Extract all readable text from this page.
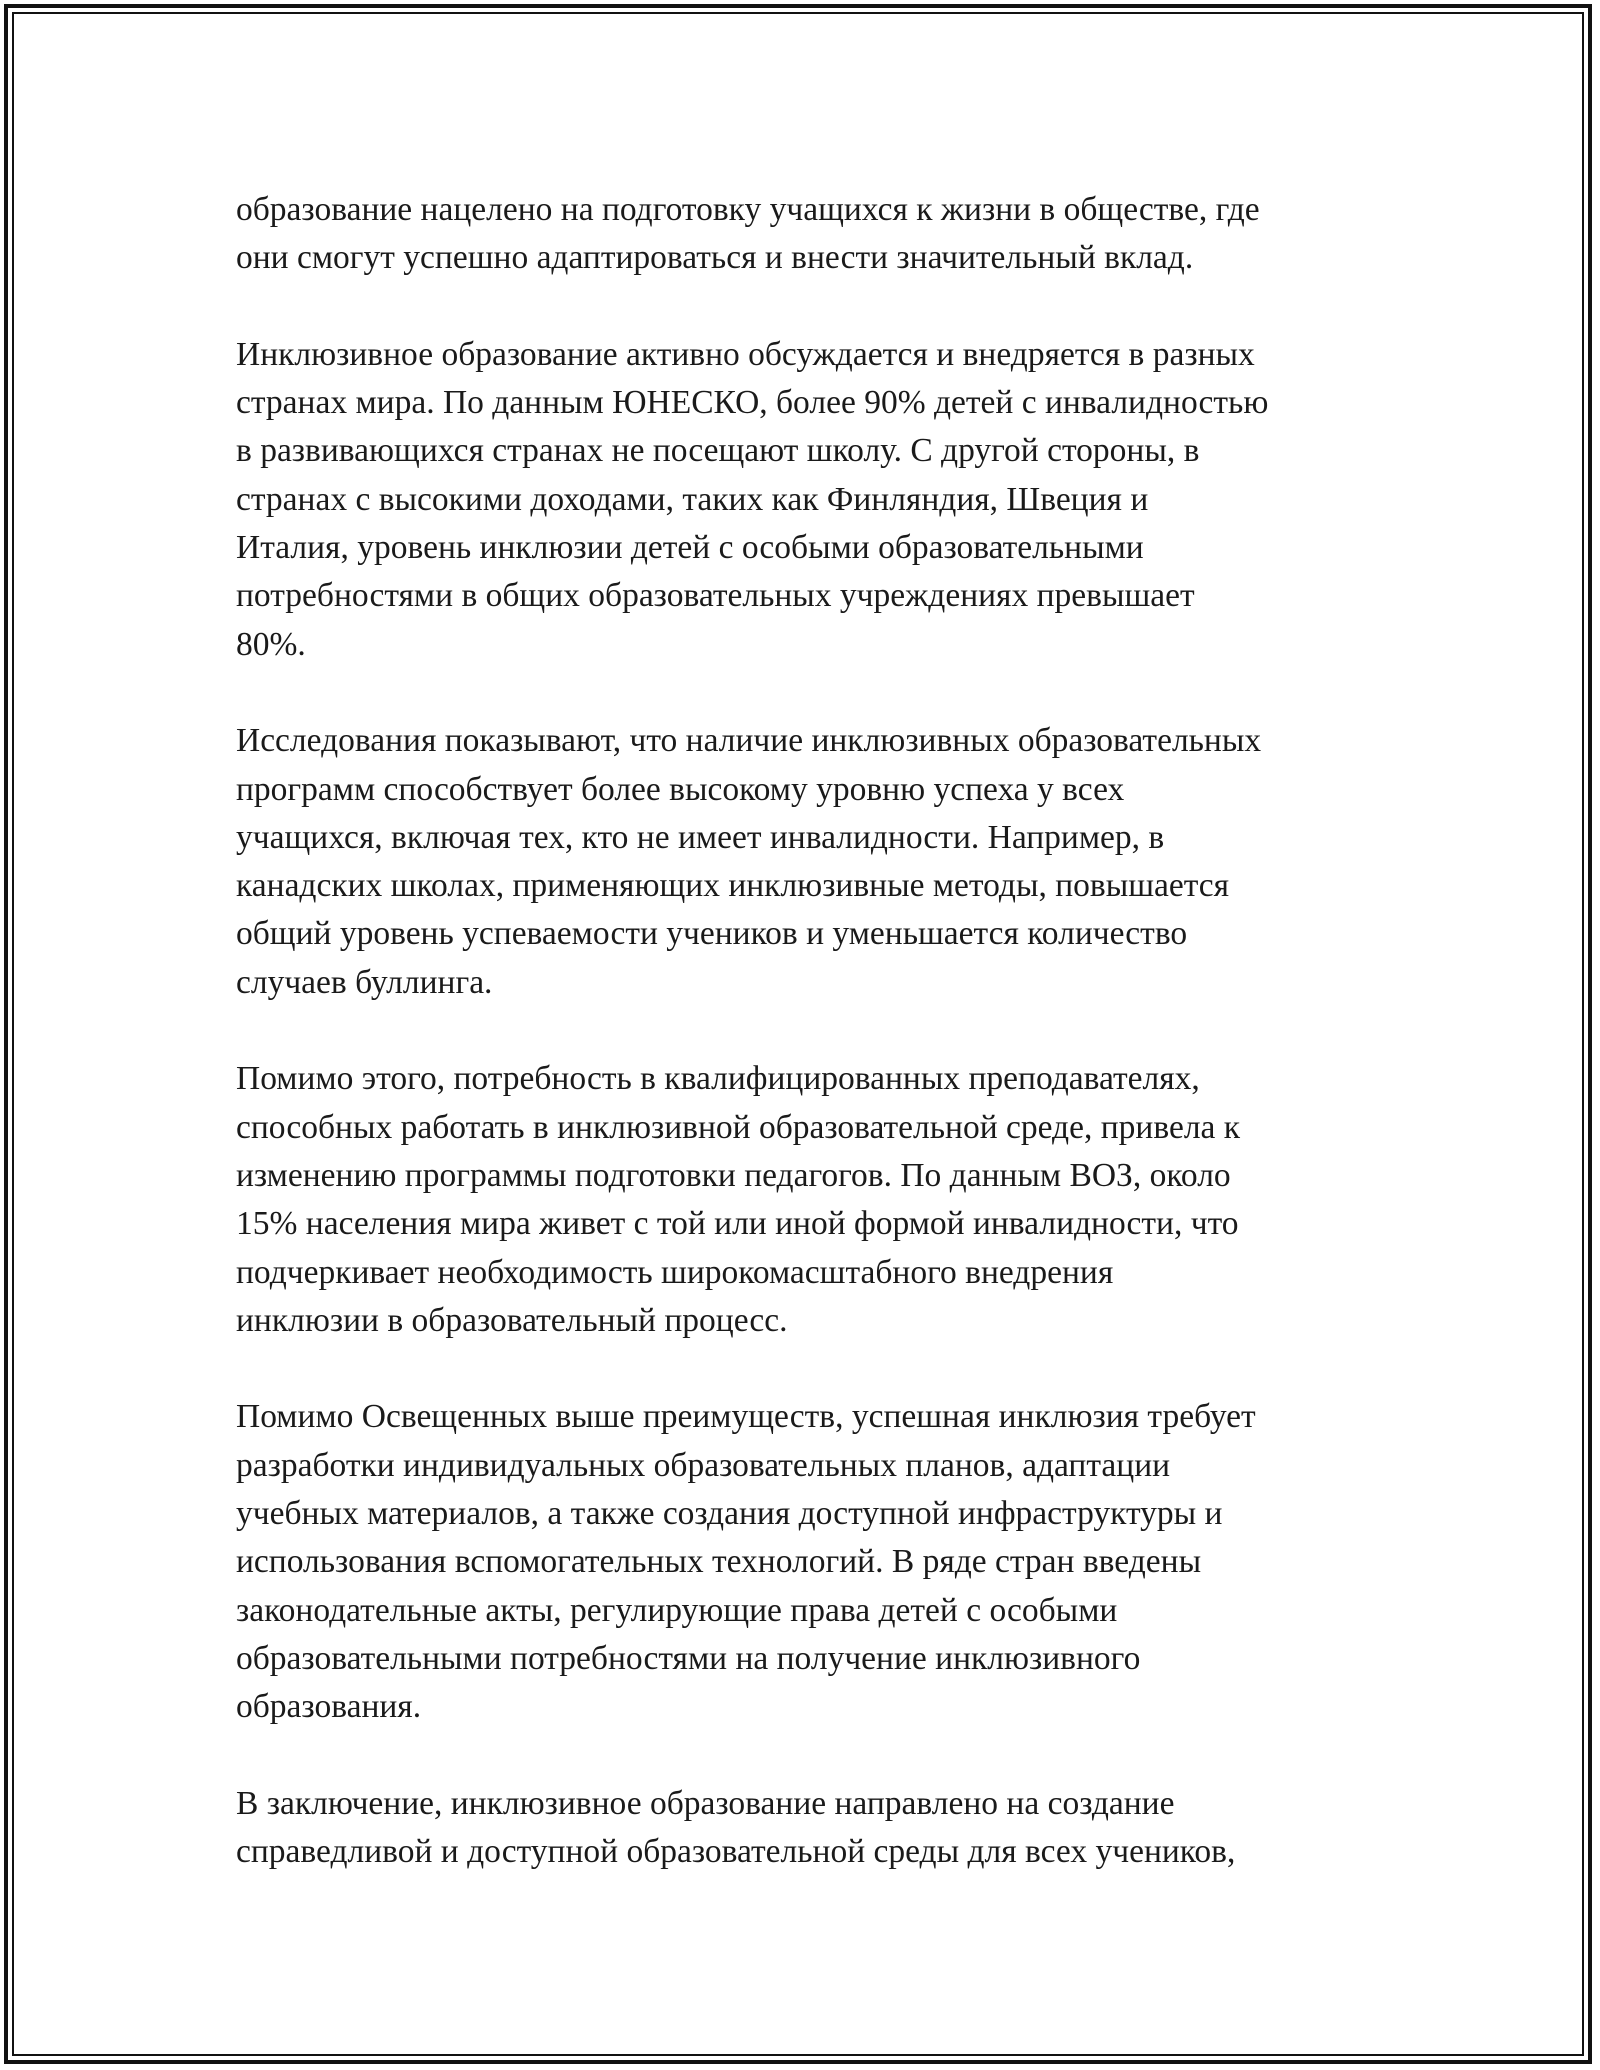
образование нацелено на подготовку учащихся к жизни в обществе, где
они смогут успешно адаптироваться и внести значительный вклад.

Инклюзивное образование активно обсуждается и внедряется в разных
странах мира. По данным ЮНЕСКО, более 90% детей с инвалидностью
в развивающихся странах не посещают школу. С другой стороны, в
странах с высокими доходами, таких как Финляндия, Швеция и
Италия, уровень инклюзии детей с особыми образовательными
потребностями в общих образовательных учреждениях превышает
80%.

Исследования показывают, что наличие инклюзивных образовательных
программ способствует более высокому уровню успеха у всех
учащихся, включая тех, кто не имеет инвалидности. Например, в
канадских школах, применяющих инклюзивные методы, повышается
общий уровень успеваемости учеников и уменьшается количество
случаев буллинга.

Помимо этого, потребность в квалифицированных преподавателях,
способных работать в инклюзивной образовательной среде, привела к
изменению программы подготовки педагогов. По данным ВОЗ, около
15% населения мира живет с той или иной формой инвалидности, что
подчеркивает необходимость широкомасштабного внедрения
инклюзии в образовательный процесс.

Помимо Освещенных выше преимуществ, успешная инклюзия требует
разработки индивидуальных образовательных планов, адаптации
учебных материалов, а также создания доступной инфраструктуры и
использования вспомогательных технологий. В ряде стран введены
законодательные акты, регулирующие права детей с особыми
образовательными потребностями на получение инклюзивного
образования.

В заключение, инклюзивное образование направлено на создание
справедливой и доступной образовательной среды для всех учеников,
